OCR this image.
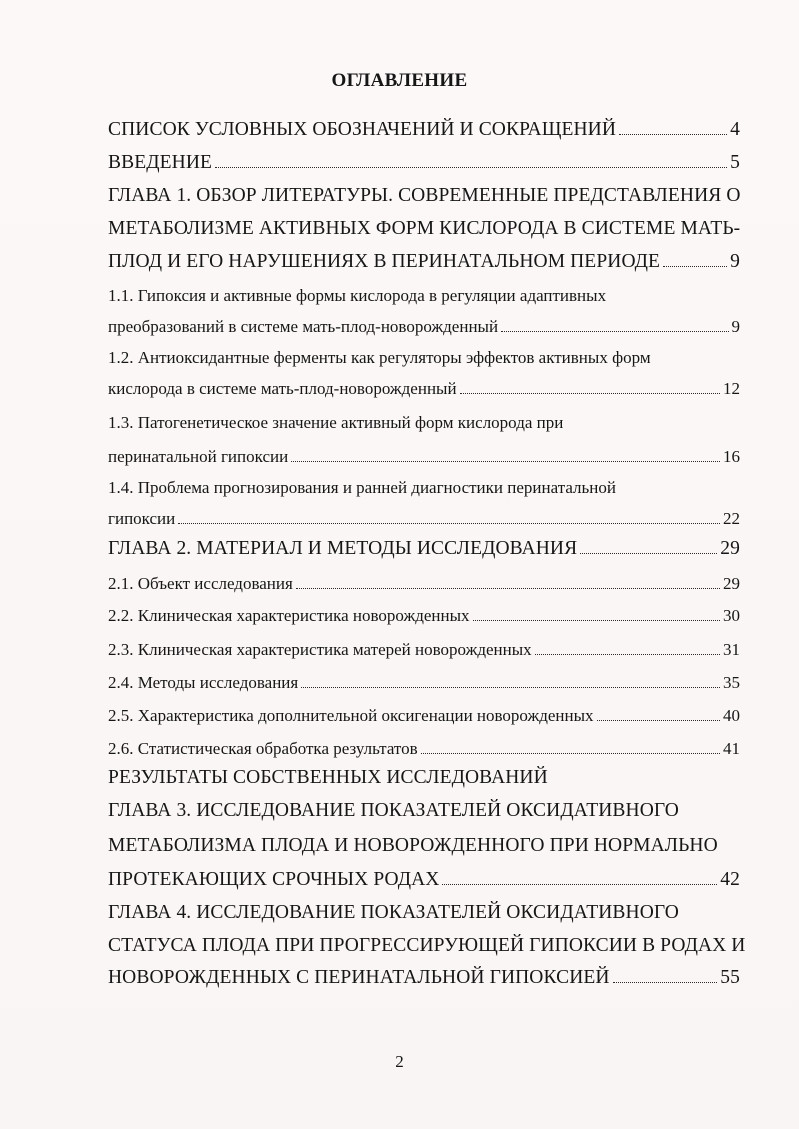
ОГЛАВЛЕНИЕ
СПИСОК УСЛОВНЫХ ОБОЗНАЧЕНИЙ И СОКРАЩЕНИЙ	4
ВВЕДЕНИЕ	5
ГЛАВА 1. ОБЗОР ЛИТЕРАТУРЫ. СОВРЕМЕННЫЕ ПРЕДСТАВЛЕНИЯ О
МЕТАБОЛИЗМЕ АКТИВНЫХ ФОРМ КИСЛОРОДА В СИСТЕМЕ МАТЬ-
ПЛОД И ЕГО НАРУШЕНИЯХ В ПЕРИНАТАЛЬНОМ ПЕРИОДЕ	9
1.1. Гипоксия и активные формы кислорода в регуляции адаптивных
преобразований в системе мать-плод-новорожденный	9
1.2. Антиоксидантные ферменты как регуляторы эффектов активных форм
кислорода в системе мать-плод-новорожденный	12
1.3. Патогенетическое значение активный форм кислорода при
перинатальной гипоксии	16
1.4. Проблема прогнозирования и ранней диагностики перинатальной
гипоксии	22
ГЛАВА 2. МАТЕРИАЛ И МЕТОДЫ ИССЛЕДОВАНИЯ	29
2.1. Объект исследования	29
2.2. Клиническая характеристика новорожденных	30
2.3. Клиническая характеристика матерей новорожденных	31
2.4. Методы исследования	35
2.5. Характеристика дополнительной оксигенации новорожденных	40
2.6. Статистическая обработка результатов	41
РЕЗУЛЬТАТЫ СОБСТВЕННЫХ ИССЛЕДОВАНИЙ
ГЛАВА 3. ИССЛЕДОВАНИЕ ПОКАЗАТЕЛЕЙ ОКСИДАТИВНОГО
МЕТАБОЛИЗМА ПЛОДА И НОВОРОЖДЕННОГО ПРИ НОРМАЛЬНО
ПРОТЕКАЮЩИХ СРОЧНЫХ РОДАХ	42
ГЛАВА 4. ИССЛЕДОВАНИЕ ПОКАЗАТЕЛЕЙ ОКСИДАТИВНОГО
СТАТУСА ПЛОДА ПРИ ПРОГРЕССИРУЮЩЕЙ ГИПОКСИИ В РОДАХ И
НОВОРОЖДЕННЫХ С ПЕРИНАТАЛЬНОЙ ГИПОКСИЕЙ	55
2
